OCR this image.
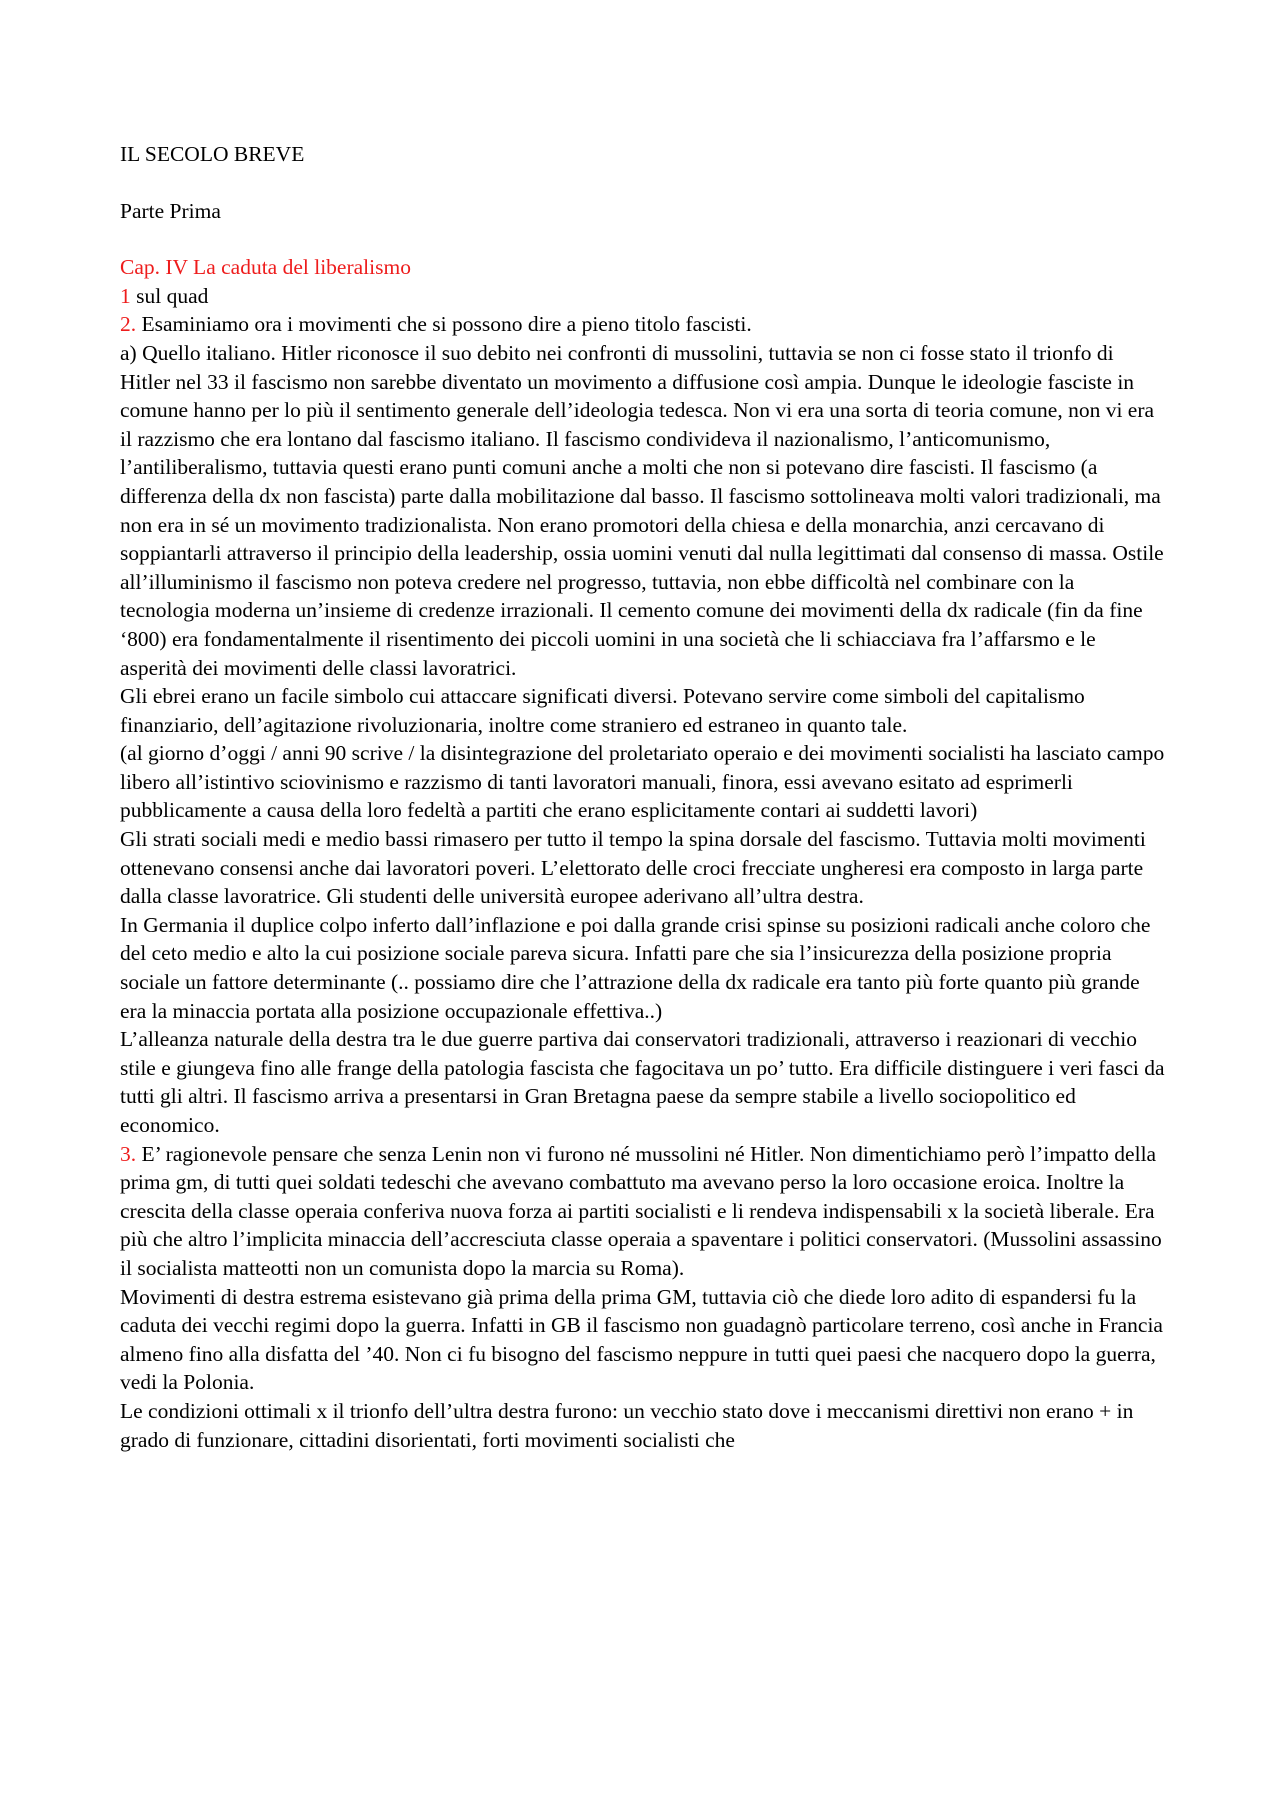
IL SECOLO BREVE

Parte Prima

Cap. IV La caduta del liberalismo

1 sul quad

2. Esaminiamo ora i movimenti che si possono dire a pieno titolo fascisti.

a) Quello italiano. Hitler riconosce il suo debito nei confronti di mussolini, tuttavia se non ci fosse stato il trionfo di Hitler nel 33 il fascismo non sarebbe diventato un movimento a diffusione così ampia. Dunque le ideologie fasciste in comune hanno per lo più il sentimento generale dell’ideologia tedesca. Non vi era una sorta di teoria comune, non vi era il razzismo che era lontano dal fascismo italiano. Il fascismo condivideva il nazionalismo, l’anticomunismo, l’antiliberalismo, tuttavia questi erano punti comuni anche a molti che non si potevano dire fascisti. Il fascismo (a differenza della dx non fascista) parte dalla mobilitazione dal basso. Il fascismo sottolineava molti valori tradizionali, ma non era in sé un movimento tradizionalista. Non erano promotori della chiesa e della monarchia, anzi cercavano di soppiantarli attraverso il principio della leadership, ossia uomini venuti dal nulla legittimati dal consenso di massa. Ostile all’illuminismo il fascismo non poteva credere nel progresso, tuttavia, non ebbe difficoltà nel combinare con la tecnologia moderna un’insieme di credenze irrazionali. Il cemento comune dei movimenti della dx radicale (fin da fine ‘800) era fondamentalmente il risentimento dei piccoli uomini in una società che li schiacciava fra l’affarsmo e le asperità dei movimenti delle classi lavoratrici.

Gli ebrei erano un facile simbolo cui attaccare significati diversi. Potevano servire come simboli del capitalismo finanziario, dell’agitazione rivoluzionaria, inoltre come straniero ed estraneo in quanto tale.

(al giorno d’oggi / anni 90 scrive / la disintegrazione del proletariato operaio e dei movimenti socialisti ha lasciato campo libero all’istintivo sciovinismo e razzismo di tanti lavoratori manuali, finora, essi avevano esitato ad esprimerli pubblicamente a causa della loro fedeltà a partiti che erano esplicitamente contari ai suddetti lavori)

Gli strati sociali medi e medio bassi rimasero per tutto il tempo la spina dorsale del fascismo. Tuttavia molti movimenti ottenevano consensi anche dai lavoratori poveri. L’elettorato delle croci frecciate ungheresi era composto in larga parte dalla classe lavoratrice. Gli studenti delle università europee aderivano all’ultra destra.

In Germania il duplice colpo inferto dall’inflazione e poi dalla grande crisi spinse su posizioni radicali anche coloro che del ceto medio e alto la cui posizione sociale pareva sicura. Infatti pare che sia l’insicurezza della posizione propria sociale un fattore determinante (.. possiamo dire che l’attrazione della dx radicale era tanto più forte quanto più grande era la minaccia portata alla posizione occupazionale effettiva..)

L’alleanza naturale della destra tra le due guerre partiva dai conservatori tradizionali, attraverso i reazionari di vecchio stile e giungeva fino alle frange della patologia fascista che fagocitava un po’ tutto. Era difficile distinguere i veri fasci da tutti gli altri. Il fascismo arriva a presentarsi in Gran Bretagna paese da sempre stabile a livello sociopolitico ed economico.

3. E’ ragionevole pensare che senza Lenin non vi furono né mussolini né Hitler. Non dimentichiamo però l’impatto della prima gm, di tutti quei soldati tedeschi che avevano combattuto ma avevano perso la loro occasione eroica. Inoltre la crescita della classe operaia conferiva nuova forza ai partiti socialisti e li rendeva indispensabili x la società liberale. Era più che altro l’implicita minaccia dell’accresciuta classe operaia a spaventare i politici conservatori. (Mussolini assassino il socialista matteotti non un comunista dopo la marcia su Roma).

Movimenti di destra estrema esistevano già prima della prima GM, tuttavia ciò che diede loro adito di espandersi fu la caduta dei vecchi regimi dopo la guerra. Infatti in GB il fascismo non guadagnò particolare terreno, così anche in Francia almeno fino alla disfatta del ’40. Non ci fu bisogno del fascismo neppure in tutti quei paesi che nacquero dopo la guerra, vedi la Polonia.

Le condizioni ottimali x il trionfo dell’ultra destra furono: un vecchio stato dove i meccanismi direttivi non erano + in grado di funzionare, cittadini disorientati, forti movimenti socialisti che
